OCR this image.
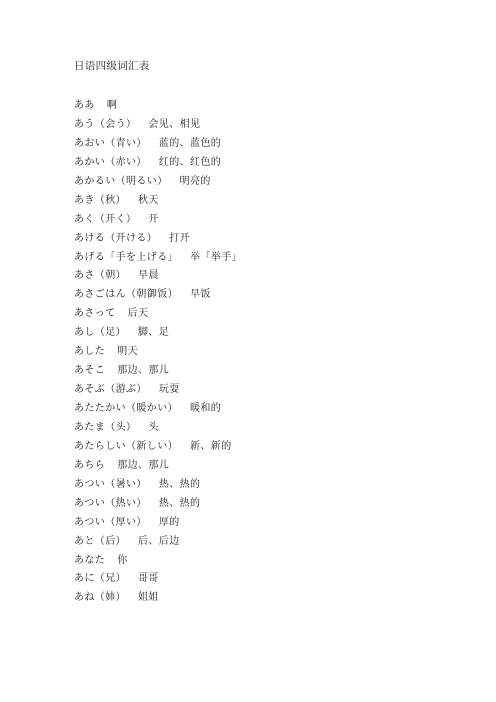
日语四级词汇表
ああ 啊
あう（会う） 会见、相见
あおい（青い） 蓝的、蓝色的
あかい（赤い） 红的、红色的
あかるい（明るい） 明亮的
あき（秋） 秋天
あく（开く） 开
あける（开ける） 打开
あげる「手を上げる」 举「举手」
あさ（朝） 早晨
あさごはん（朝御饭） 早饭
あさって 后天
あし（足） 脚、足
あした 明天
あそこ 那边、那儿
あそぶ（游ぶ） 玩耍
あたたかい（暖かい） 暖和的
あたま（头） 头
あたらしい（新しい） 新、新的
あちら 那边、那儿
あつい（暑い） 热、热的
あつい（热い） 热、热的
あつい（厚い） 厚的
あと（后） 后、后边
あなた 你
あに（兄） 哥哥
あね（姉） 姐姐
